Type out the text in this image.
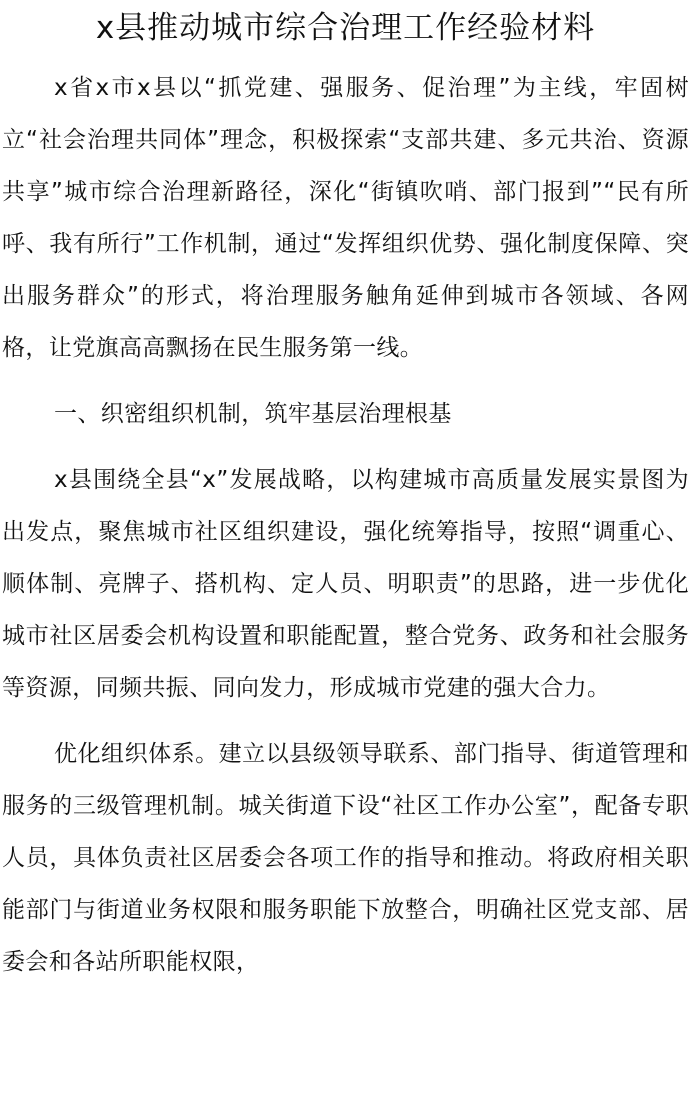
x县推动城市综合治理工作经验材料

x省x市x县以“抓党建、强服务、促治理”为主线，牢固树立“社会治理共同体”理念，积极探索“支部共建、多元共治、资源共享”城市综合治理新路径，深化“街镇吹哨、部门报到”“民有所呼、我有所行”工作机制，通过“发挥组织优势、强化制度保障、突出服务群众”的形式，将治理服务触角延伸到城市各领域、各网格，让党旗高高飘扬在民生服务第一线。

一、织密组织机制，筑牢基层治理根基

x县围绕全县“x”发展战略，以构建城市高质量发展实景图为出发点，聚焦城市社区组织建设，强化统筹指导，按照“调重心、顺体制、亮牌子、搭机构、定人员、明职责”的思路，进一步优化城市社区居委会机构设置和职能配置，整合党务、政务和社会服务等资源，同频共振、同向发力，形成城市党建的强大合力。

优化组织体系。建立以县级领导联系、部门指导、街道管理和服务的三级管理机制。城关街道下设“社区工作办公室”，配备专职人员，具体负责社区居委会各项工作的指导和推动。将政府相关职能部门与街道业务权限和服务职能下放整合，明确社区党支部、居委会和各站所职能权限，
